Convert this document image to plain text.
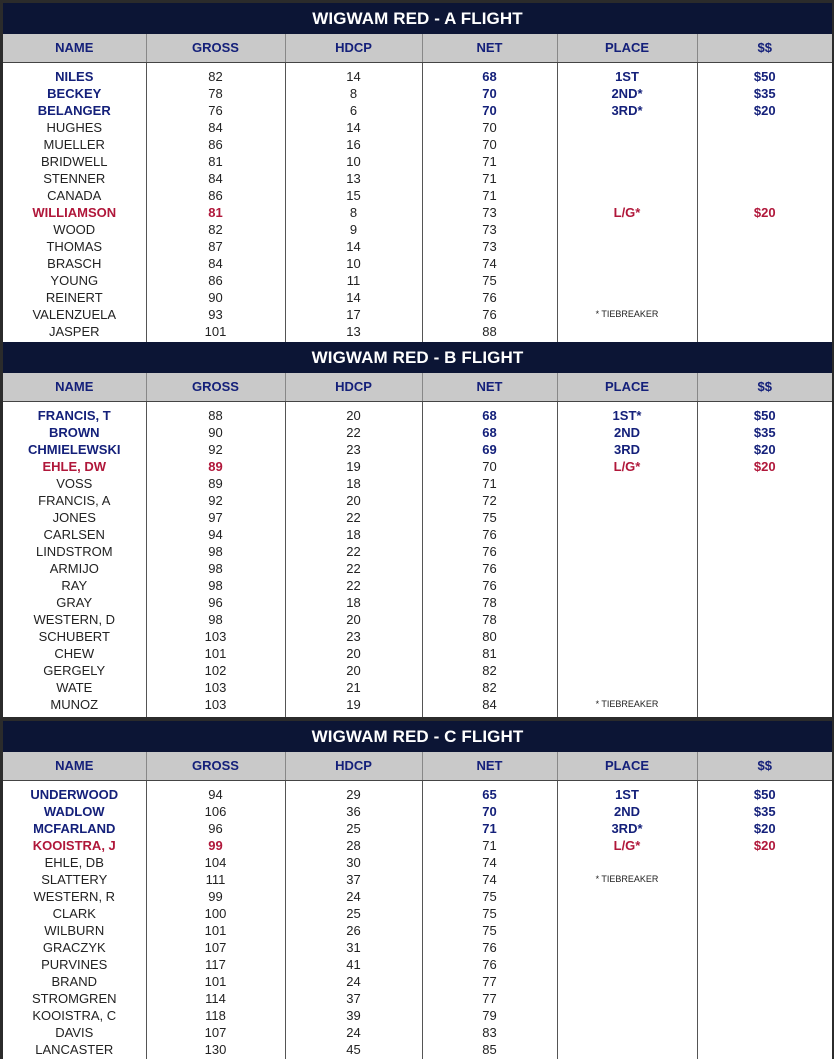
WIGWAM RED - A FLIGHT
NAME	GROSS	HDCP	NET	PLACE	$$

NILES	82	14	68	1ST	$50
BECKEY	78	8	70	2ND*	$35
BELANGER	76	6	70	3RD*	$20
HUGHES	84	14	70		
MUELLER	86	16	70		
BRIDWELL	81	10	71		
STENNER	84	13	71		
CANADA	86	15	71		
WILLIAMSON	81	8	73	L/G*	$20
WOOD	82	9	73		
THOMAS	87	14	73		
BRASCH	84	10	74		
YOUNG	86	11	75		
REINERT	90	14	76		
VALENZUELA	93	17	76	* TIEBREAKER	
JASPER	101	13	88		

WIGWAM RED - B FLIGHT
NAME	GROSS	HDCP	NET	PLACE	$$

FRANCIS, T	88	20	68	1ST*	$50
BROWN	90	22	68	2ND	$35
CHMIELEWSKI	92	23	69	3RD	$20
EHLE, DW	89	19	70	L/G*	$20
VOSS	89	18	71		
FRANCIS, A	92	20	72		
JONES	97	22	75		
CARLSEN	94	18	76		
LINDSTROM	98	22	76		
ARMIJO	98	22	76		
RAY	98	22	76		
GRAY	96	18	78		
WESTERN, D	98	20	78		
SCHUBERT	103	23	80		
CHEW	101	20	81		
GERGELY	102	20	82		
WATE	103	21	82		
MUNOZ	103	19	84	* TIEBREAKER	

WIGWAM RED - C FLIGHT
NAME	GROSS	HDCP	NET	PLACE	$$

UNDERWOOD	94	29	65	1ST	$50
WADLOW	106	36	70	2ND	$35
MCFARLAND	96	25	71	3RD*	$20
KOOISTRA, J	99	28	71	L/G*	$20
EHLE, DB	104	30	74		
SLATTERY	111	37	74	* TIEBREAKER	
WESTERN, R	99	24	75		
CLARK	100	25	75		
WILBURN	101	26	75		
GRACZYK	107	31	76		
PURVINES	117	41	76		
BRAND	101	24	77		
STROMGREN	114	37	77		
KOOISTRA, C	118	39	79		
DAVIS	107	24	83		
LANCASTER	130	45	85		
